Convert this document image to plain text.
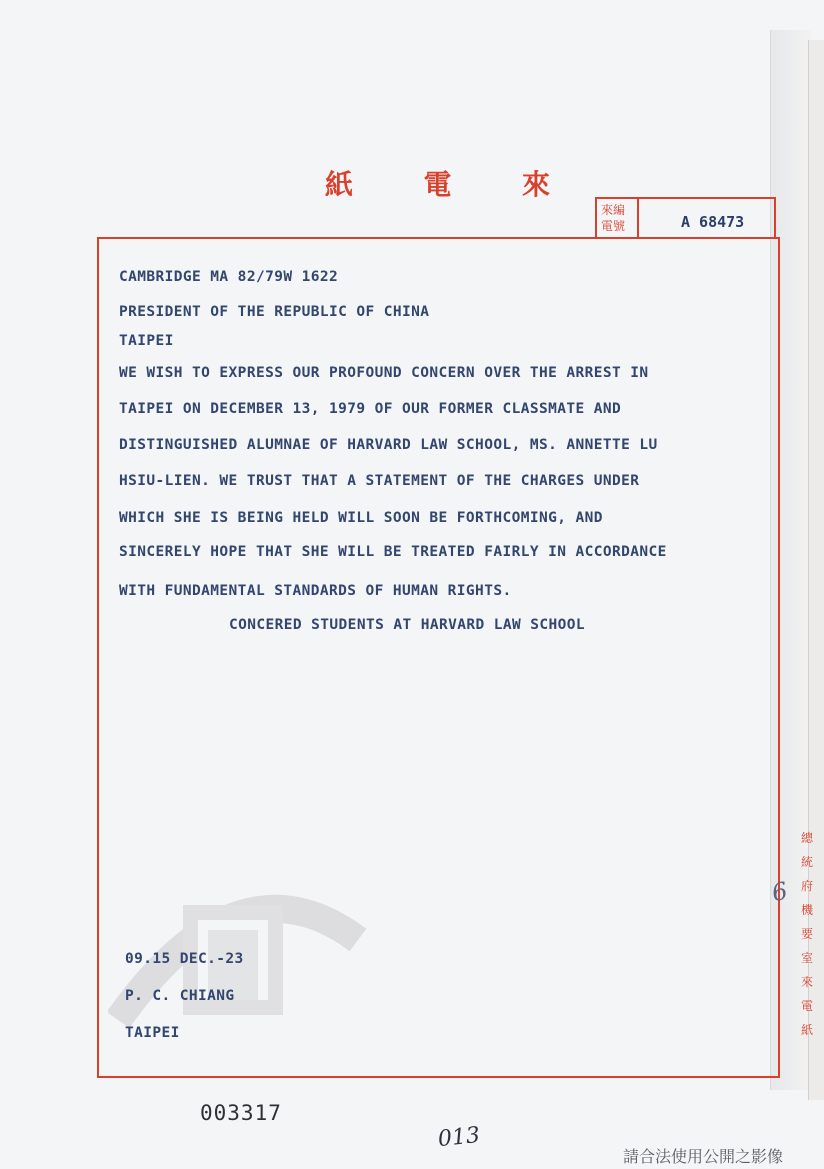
紙	電	來
來編
電號	A 68473
CAMBRIDGE MA 82/79W 1622
PRESIDENT OF THE REPUBLIC OF CHINA
TAIPEI
WE WISH TO EXPRESS OUR PROFOUND CONCERN OVER THE ARREST IN
TAIPEI ON DECEMBER 13, 1979 OF OUR FORMER CLASSMATE AND
DISTINGUISHED ALUMNAE OF HARVARD LAW SCHOOL, MS. ANNETTE LU
HSIU-LIEN. WE TRUST THAT A STATEMENT OF THE CHARGES UNDER
WHICH SHE IS BEING HELD WILL SOON BE FORTHCOMING, AND
SINCERELY HOPE THAT SHE WILL BE TREATED FAIRLY IN ACCORDANCE
WITH FUNDAMENTAL STANDARDS OF HUMAN RIGHTS.
CONCERED STUDENTS AT HARVARD LAW SCHOOL
09.15 DEC.-23
P. C. CHIANG
TAIPEI
總
統
府
機
要
室
來
電
紙
6
003317
013
請合法使用公開之影像
